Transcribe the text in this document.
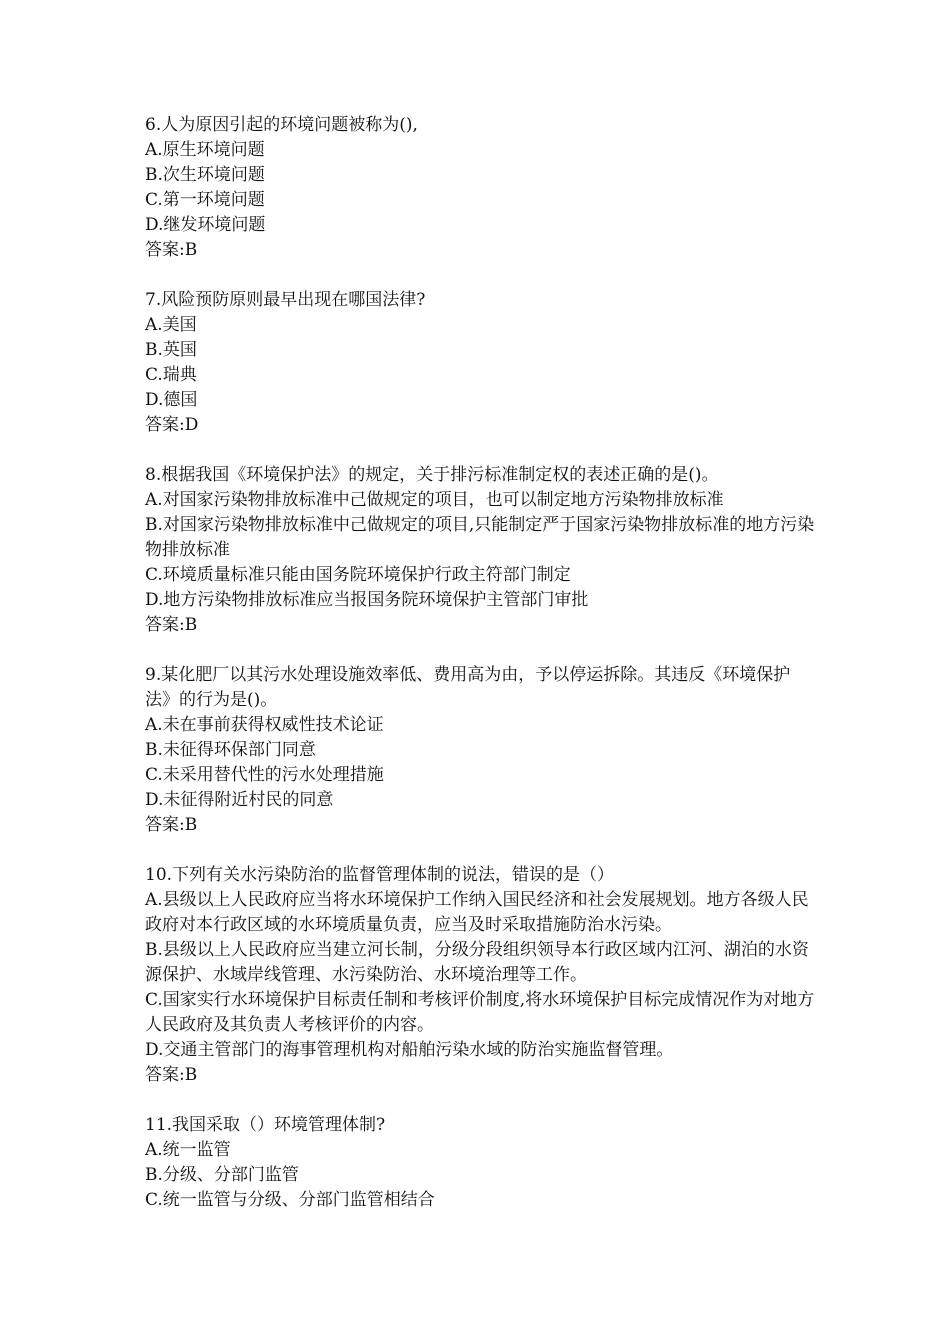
6.人为原因引起的环境问题被称为(),
A.原生环境问题
B.次生环境问题
C.第一环境问题
D.继发环境问题
答案:B
7.风险预防原则最早出现在哪国法律?
A.美国
B.英国
C.瑞典
D.德国
答案:D
8.根据我国《环境保护法》的规定，关于排污标准制定权的表述正确的是()。
A.对国家污染物排放标准中己做规定的项目，也可以制定地方污染物排放标准
B.对国家污染物排放标准中己做规定的项目,只能制定严于国家污染物排放标准的地方污染物排放标准
C.环境质量标准只能由国务院环境保护行政主符部门制定
D.地方污染物排放标准应当报国务院环境保护主管部门审批
答案:B
9.某化肥厂以其污水处理设施效率低、费用高为由，予以停运拆除。其违反《环境保护法》的行为是()。
A.未在事前获得权威性技术论证
B.未征得环保部门同意
C.未采用替代性的污水处理措施
D.未征得附近村民的同意
答案:B
10.下列有关水污染防治的监督管理体制的说法，错误的是（）
A.县级以上人民政府应当将水环境保护工作纳入国民经济和社会发展规划。地方各级人民政府对本行政区域的水环境质量负责，应当及时采取措施防治水污染。
B.县级以上人民政府应当建立河长制，分级分段组织领导本行政区域内江河、湖泊的水资源保护、水域岸线管理、水污染防治、水环境治理等工作。
C.国家实行水环境保护目标责任制和考核评价制度,将水环境保护目标完成情况作为对地方人民政府及其负责人考核评价的内容。
D.交通主管部门的海事管理机构对船舶污染水域的防治实施监督管理。
答案:B
11.我国采取（）环境管理体制?
A.统一监管
B.分级、分部门监管
C.统一监管与分级、分部门监管相结合
